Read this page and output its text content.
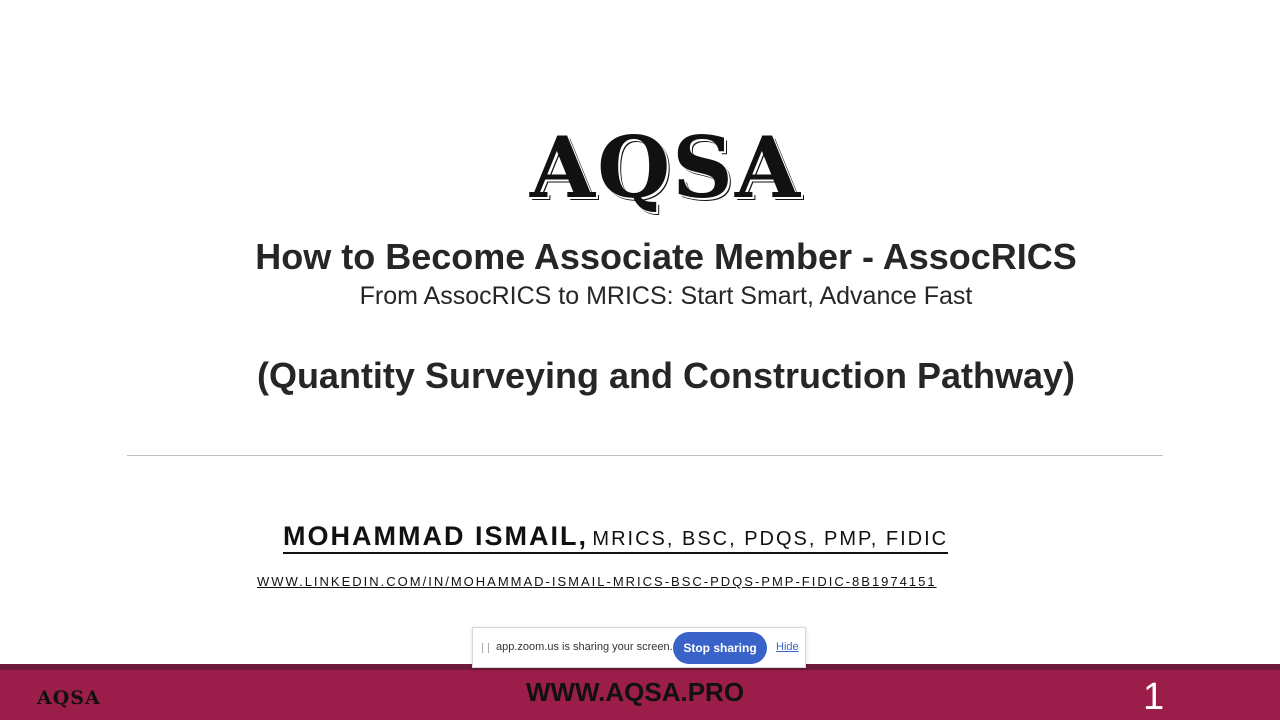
AQSA
How to Become Associate Member - AssocRICS
From AssocRICS to MRICS: Start Smart, Advance Fast
(Quantity Surveying and Construction Pathway)
MOHAMMAD ISMAIL, MRICS, BSC, PDQS, PMP, FIDIC
WWW.LINKEDIN.COM/IN/MOHAMMAD-ISMAIL-MRICS-BSC-PDQS-PMP-FIDIC-8B1974151
AQSA	WWW.AQSA.PRO	1
app.zoom.us is sharing your screen. Stop sharing	Hide
